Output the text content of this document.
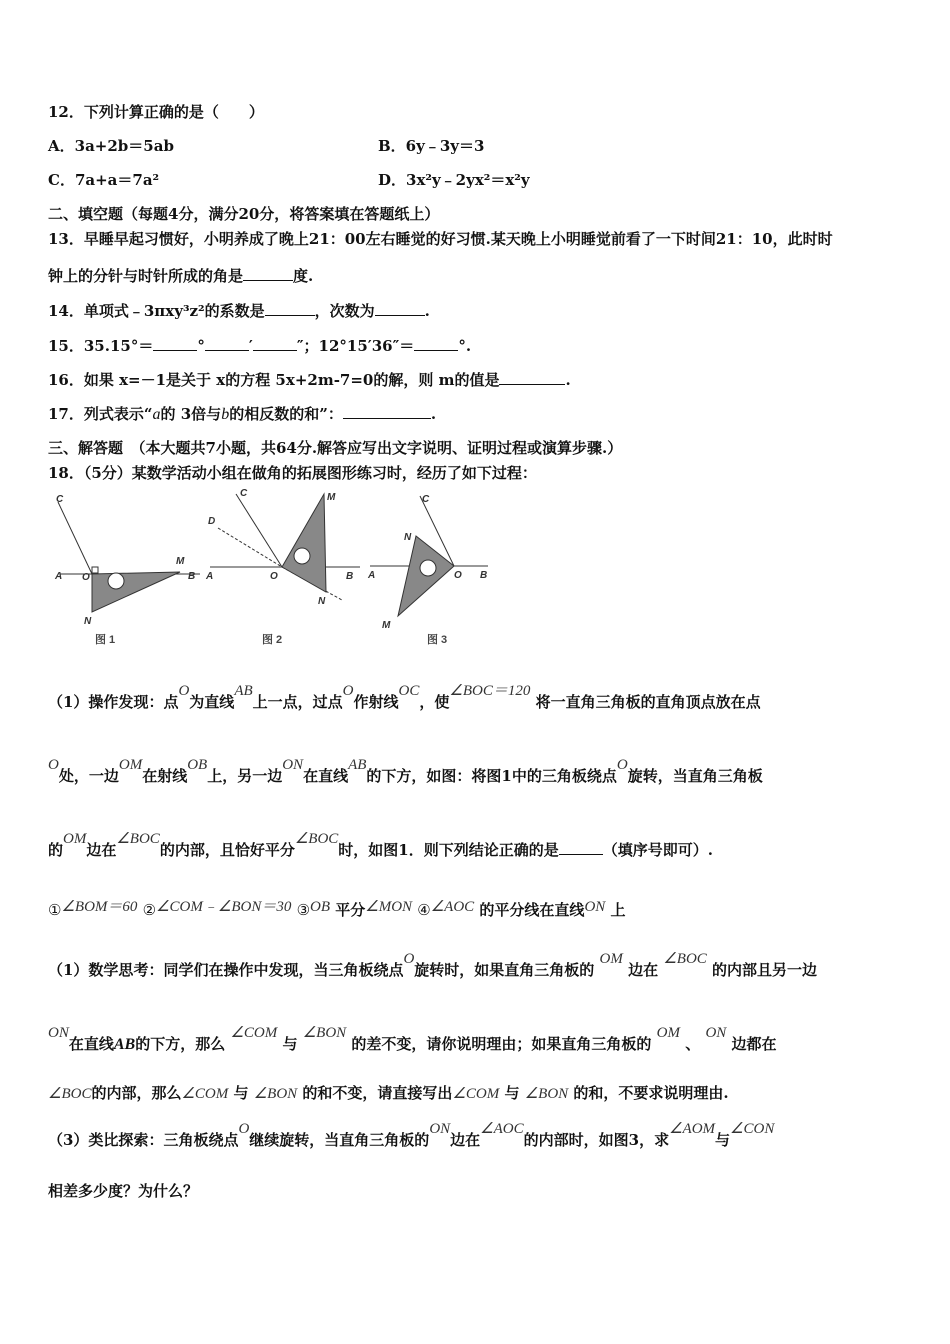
12．下列计算正确的是（　　）
A．3a+2b＝5ab	B．6y﹣3y＝3
C．7a+a＝7a²	D．3x²y﹣2yx²＝x²y
二、填空题（每题4分，满分20分，将答案填在答题纸上）
13．早睡早起习惯好，小明养成了晚上21：00左右睡觉的好习惯.某天晚上小明睡觉前看了一下时间21：10，此时时
钟上的分针与时针所成的角是	度.
14．单项式﹣3πxy³z²的系数是	，次数为	.
15．35.15°＝	°	′	″；12°15′36″＝	°.
16．如果 x=－1是关于 x的方程 5x+2m-7=0的解，则 m的值是	.
17．列式表示“a的 3倍与b的相反数的和”：	.
三、解答题　（本大题共7小题，共64分.解答应写出文字说明、证明过程或演算步骤.）
18．（5分）某数学活动小组在做角的拓展图形练习时，经历了如下过程：
C
A O
M
B
N
图 1
C
D
A	O
M
B
N
图 2
C
N
A	O B
M
图 3
（1）操作发现：点O为直线AB上一点，过点O作射线OC，使∠BOC＝120 将一直角三角板的直角顶点放在点
O处，一边OM在射线OB上，另一边ON在直线AB的下方，如图：将图1中的三角板绕点O旋转，当直角三角板
的OM边在∠BOC的内部，且恰好平分∠BOC时，如图1．则下列结论正确的是	（填序号即可）.
①∠BOM＝60 ②∠COM﹣∠BON＝30 ③OB 平分∠MON ④∠AOC 的平分线在直线ON 上
（1）数学思考：同学们在操作中发现，当三角板绕点O旋转时，如果直角三角板的 OM 边在 ∠BOC 的内部且另一边
ON在直线AB的下方，那么 ∠COM 与 ∠BON 的差不变，请你说明理由；如果直角三角板的 OM 、 ON 边都在
∠BOC的内部，那么∠COM 与 ∠BON 的和不变，请直接写出∠COM 与 ∠BON 的和，不要求说明理由.
（3）类比探索：三角板绕点O继续旋转，当直角三角板的ON边在∠AOC的内部时，如图3，求∠AOM与∠CON
相差多少度？为什么？
